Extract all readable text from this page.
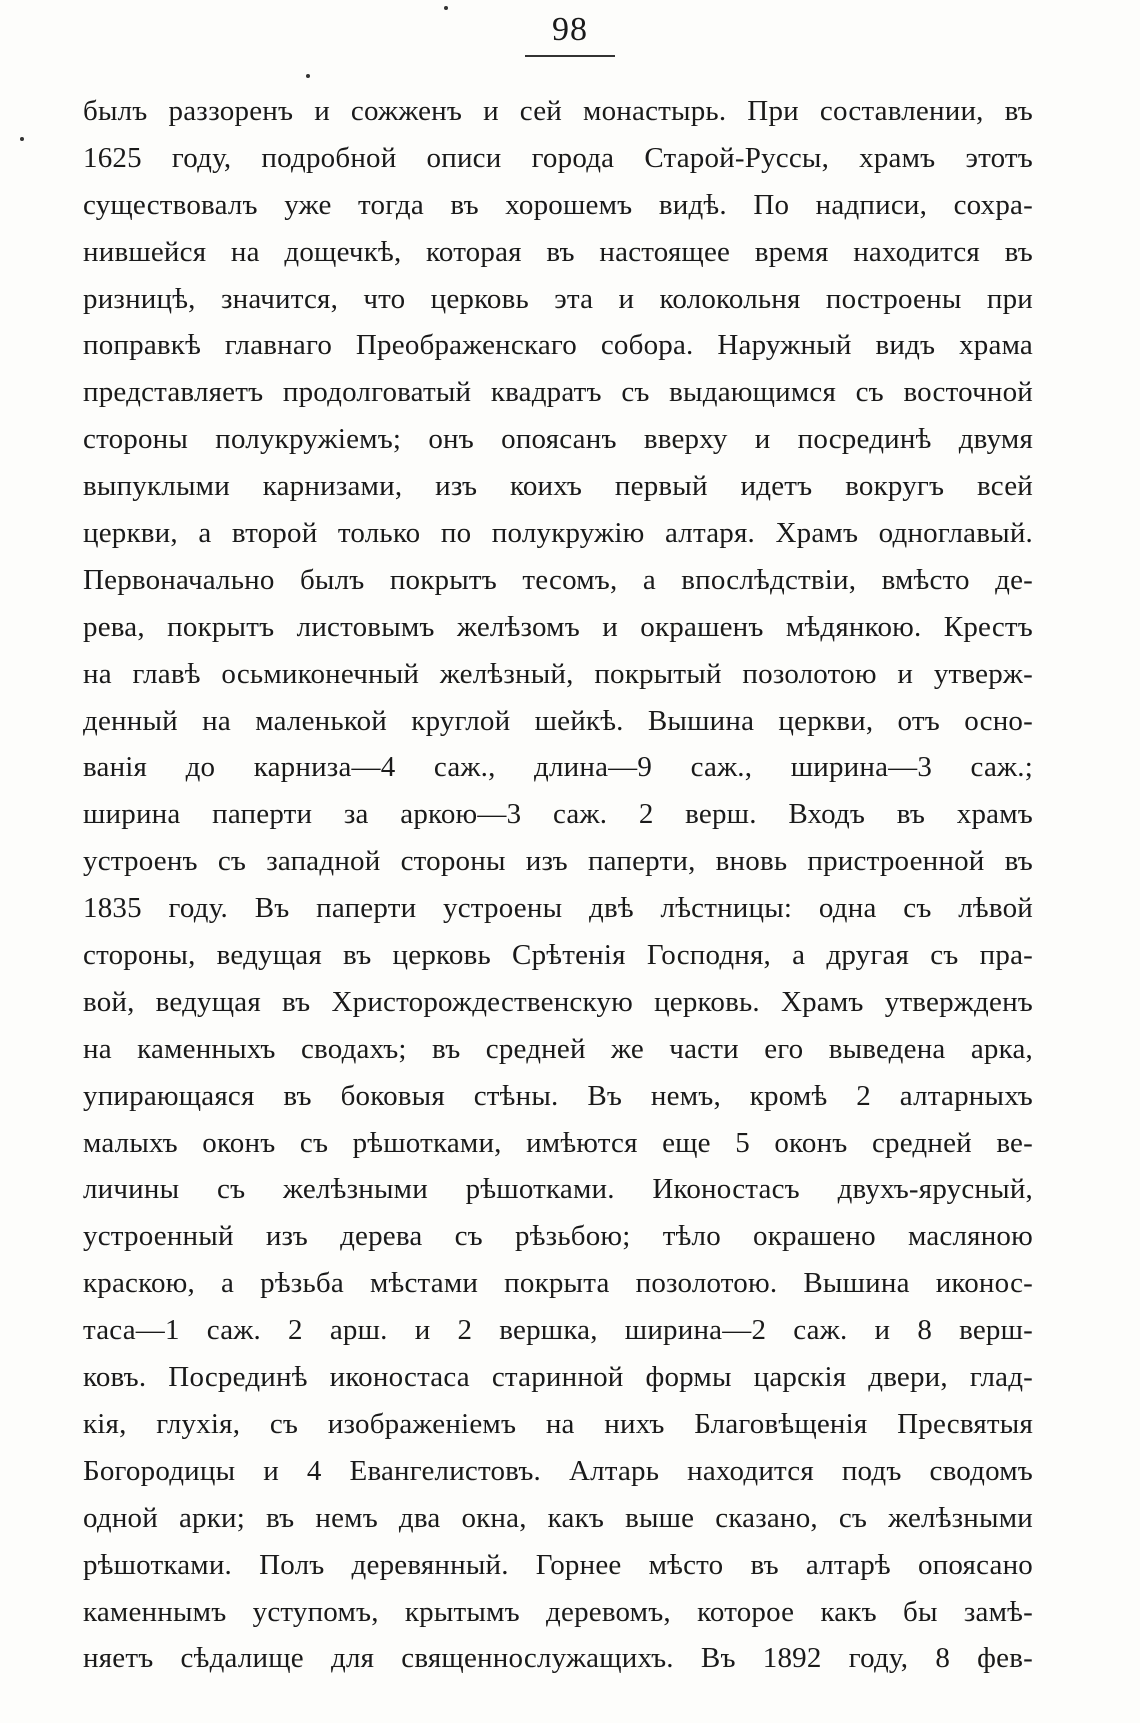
98
былъ раззоренъ и сожженъ и сей монастырь. При составлении, въ
1625 году, подробной описи города Старой-Руссы, храмъ этотъ
существовалъ уже тогда въ хорошемъ видѣ. По надписи, сохра-
нившейся на дощечкѣ, которая въ настоящее время находится въ
ризницѣ, значится, что церковь эта и колокольня построены при
поправкѣ главнаго Преображенскаго собора. Наружный видъ храма
представляетъ продолговатый квадратъ съ выдающимся съ восточной
стороны полукружiемъ; онъ опоясанъ вверху и посрединѣ двумя
выпуклыми карнизами, изъ коихъ первый идетъ вокругъ всей
церкви, а второй только по полукружiю алтаря. Храмъ одноглавый.
Первоначально былъ покрытъ тесомъ, а впослѣдствiи, вмѣсто де-
рева, покрытъ листовымъ желѣзомъ и окрашенъ мѣдянкою. Крестъ
на главѣ осьмиконечный желѣзный, покрытый позолотою и утверж-
денный на маленькой круглой шейкѣ. Вышина церкви, отъ осно-
ванiя до карниза—4 саж., длина—9 саж., ширина—3 саж.;
ширина паперти за аркою—3 саж. 2 верш. Входъ въ храмъ
устроенъ съ западной стороны изъ паперти, вновь пристроенной въ
1835 году. Въ паперти устроены двѣ лѣстницы: одна съ лѣвой
стороны, ведущая въ церковь Срѣтенiя Господня, а другая съ пра-
вой, ведущая въ Христорождественскую церковь. Храмъ утвержденъ
на каменныхъ сводахъ; въ средней же части его выведена арка,
упирающаяся въ боковыя стѣны. Въ немъ, кромѣ 2 алтарныхъ
малыхъ оконъ съ рѣшотками, имѣются еще 5 оконъ средней ве-
личины съ желѣзными рѣшотками. Иконостасъ двухъ-ярусный,
устроенный изъ дерева съ рѣзьбою; тѣло окрашено масляною
краскою, а рѣзьба мѣстами покрыта позолотою. Вышина иконос-
таса—1 саж. 2 арш. и 2 вершка, ширина—2 саж. и 8 верш-
ковъ. Посрединѣ иконостаса старинной формы царскiя двери, глад-
кiя, глухiя, съ изображенiемъ на нихъ Благовѣщенiя Пресвятыя
Богородицы и 4 Евангелистовъ. Алтарь находится подъ сводомъ
одной арки; въ немъ два окна, какъ выше сказано, съ желѣзными
рѣшотками. Полъ деревянный. Горнее мѣсто въ алтарѣ опоясано
каменнымъ уступомъ, крытымъ деревомъ, которое какъ бы замѣ-
няетъ сѣдалище для священнослужащихъ. Въ 1892 году, 8 фев-
